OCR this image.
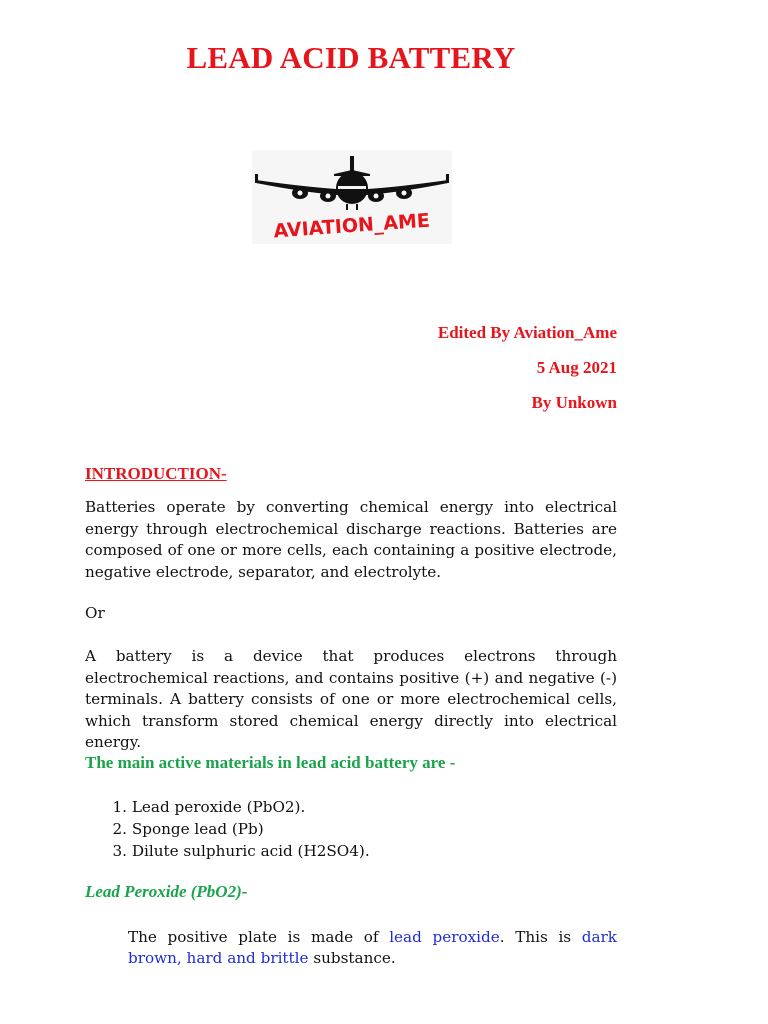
LEAD ACID BATTERY
AVIATION_AME
Edited By Aviation_Ame
5 Aug 2021
By Unkown
INTRODUCTION-
Batteries operate by converting chemical energy into electrical energy through electrochemical discharge reactions. Batteries are composed of one or more cells, each containing a positive electrode, negative electrode, separator, and electrolyte.
Or
A battery is a device that produces electrons through electrochemical reactions, and contains positive (+) and negative (-) terminals. A battery consists of one or more electrochemical cells, which transform stored chemical energy directly into electrical energy.
The main active materials in lead acid battery are -
1.
Lead peroxide (PbO2).
2.
Sponge lead (Pb)
3.
Dilute sulphuric acid (H2SO4).
Lead Peroxide (PbO2)-
The positive plate is made of lead peroxide. This is dark brown, hard and brittle substance.
